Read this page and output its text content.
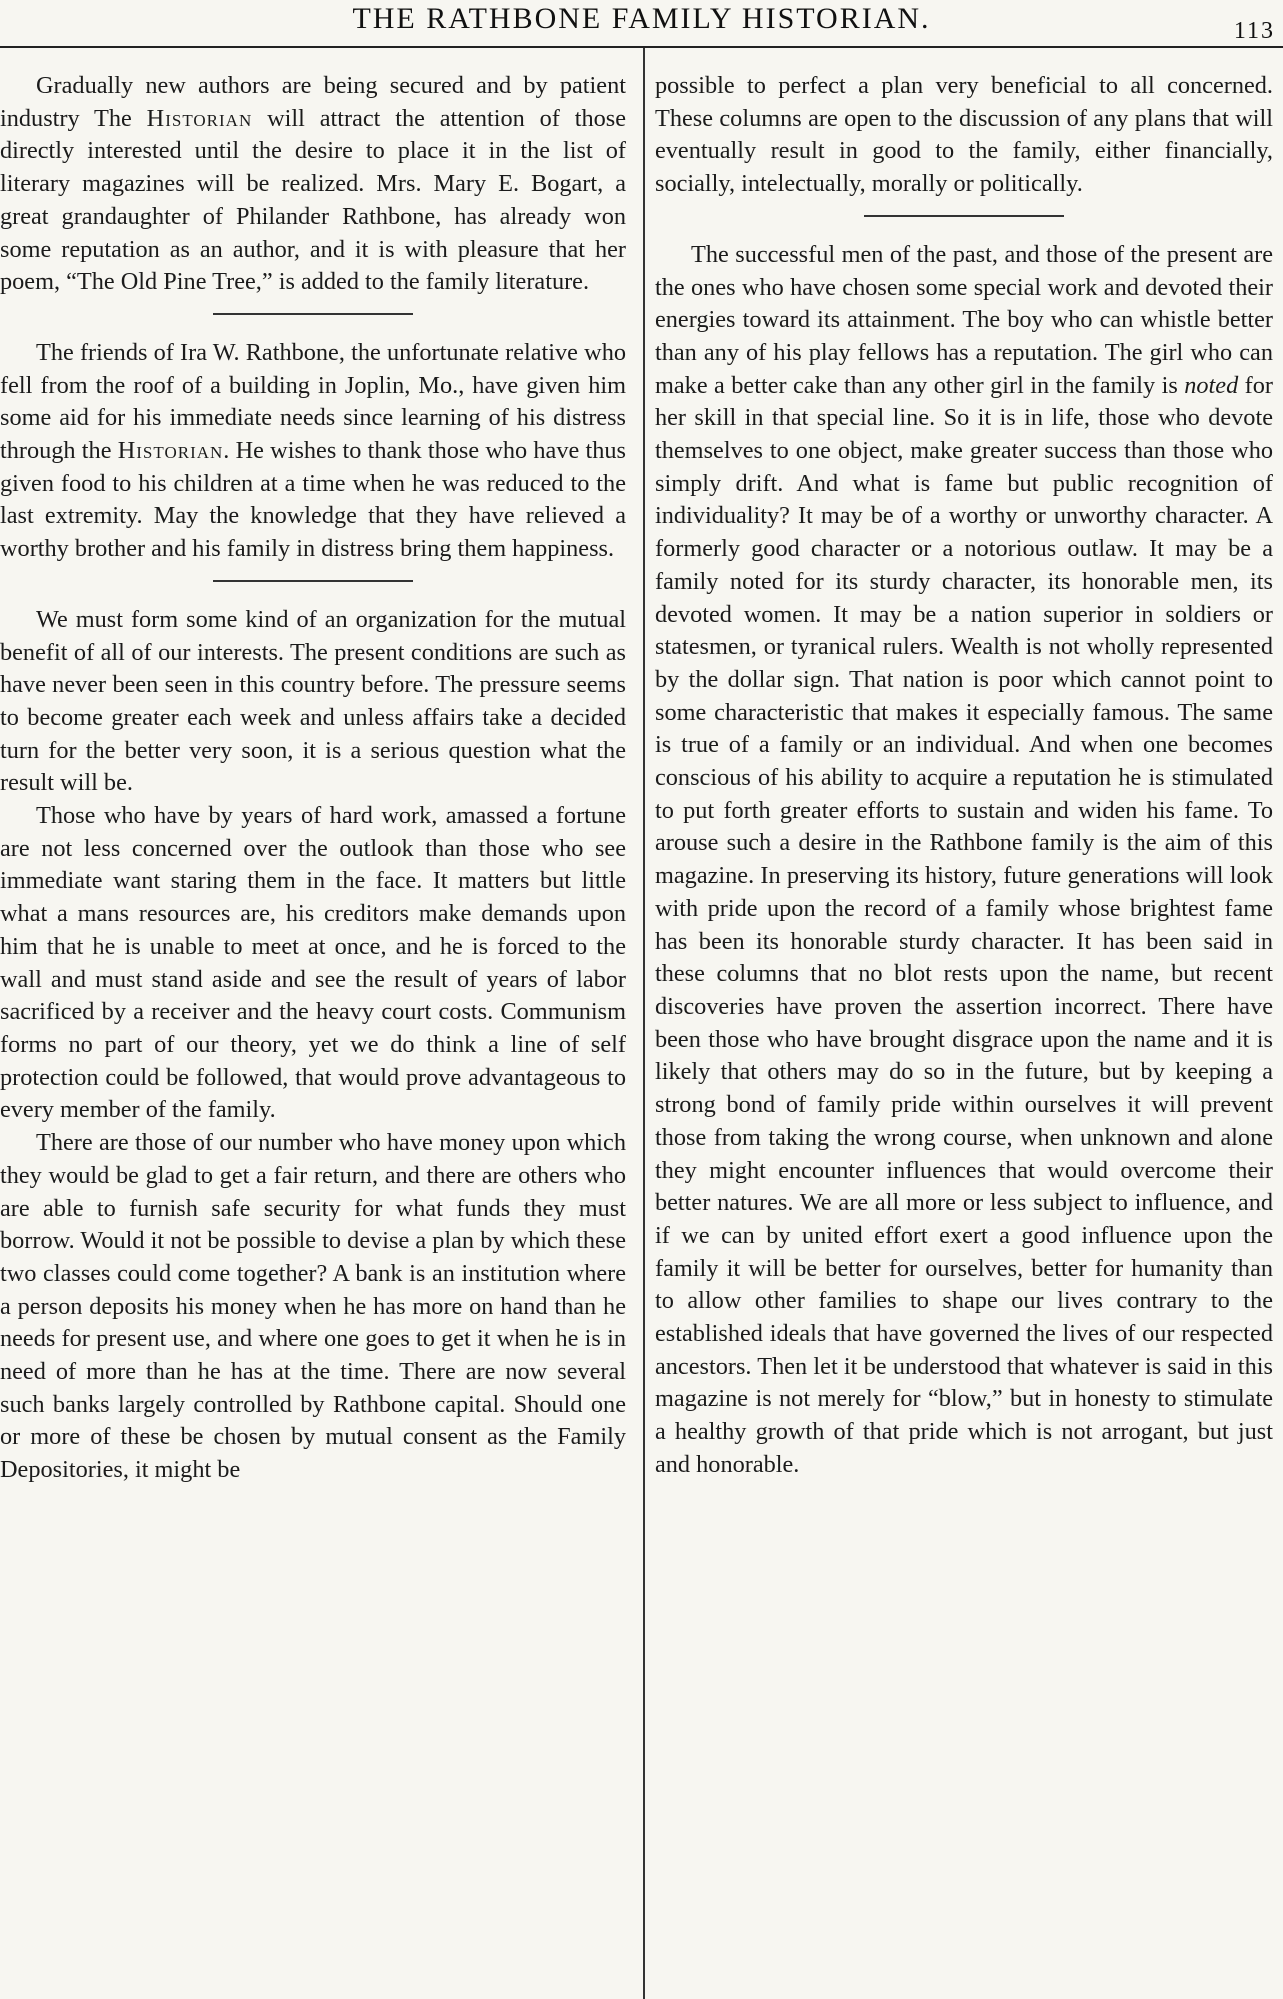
THE RATHBONE FAMILY HISTORIAN.	113

Gradually new authors are being secured and by patient industry The Historian will attract the attention of those directly interested until the desire to place it in the list of literary magazines will be realized. Mrs. Mary E. Bogart, a great grandaughter of Philander Rathbone, has already won some reputation as an author, and it is with pleasure that her poem, “The Old Pine Tree,” is added to the family literature.

The friends of Ira W. Rathbone, the unfortunate relative who fell from the roof of a building in Joplin, Mo., have given him some aid for his immediate needs since learning of his distress through the Historian. He wishes to thank those who have thus given food to his children at a time when he was reduced to the last extremity. May the knowledge that they have relieved a worthy brother and his family in distress bring them happiness.

We must form some kind of an organization for the mutual benefit of all of our interests. The present conditions are such as have never been seen in this country before. The pressure seems to become greater each week and unless affairs take a decided turn for the better very soon, it is a serious question what the result will be.

Those who have by years of hard work, amassed a fortune are not less concerned over the outlook than those who see immediate want staring them in the face. It matters but little what a mans resources are, his creditors make demands upon him that he is unable to meet at once, and he is forced to the wall and must stand aside and see the result of years of labor sacrificed by a receiver and the heavy court costs. Communism forms no part of our theory, yet we do think a line of self protection could be followed, that would prove advantageous to every member of the family.

There are those of our number who have money upon which they would be glad to get a fair return, and there are others who are able to furnish safe security for what funds they must borrow. Would it not be possible to devise a plan by which these two classes could come together? A bank is an institution where a person deposits his money when he has more on hand than he needs for present use, and where one goes to get it when he is in need of more than he has at the time. There are now several such banks largely controlled by Rathbone capital. Should one or more of these be chosen by mutual consent as the Family Depositories, it might be

possible to perfect a plan very beneficial to all concerned. These columns are open to the discussion of any plans that will eventually result in good to the family, either financially, socially, intelectually, morally or politically.

The successful men of the past, and those of the present are the ones who have chosen some special work and devoted their energies toward its attainment. The boy who can whistle better than any of his play fellows has a reputation. The girl who can make a better cake than any other girl in the family is noted for her skill in that special line. So it is in life, those who devote themselves to one object, make greater success than those who simply drift. And what is fame but public recognition of individuality? It may be of a worthy or unworthy character. A formerly good character or a notorious outlaw. It may be a family noted for its sturdy character, its honorable men, its devoted women. It may be a nation superior in soldiers or statesmen, or tyranical rulers. Wealth is not wholly represented by the dollar sign. That nation is poor which cannot point to some characteristic that makes it especially famous. The same is true of a family or an individual. And when one becomes conscious of his ability to acquire a reputation he is stimulated to put forth greater efforts to sustain and widen his fame. To arouse such a desire in the Rathbone family is the aim of this magazine. In preserving its history, future generations will look with pride upon the record of a family whose brightest fame has been its honorable sturdy character. It has been said in these columns that no blot rests upon the name, but recent discoveries have proven the assertion incorrect. There have been those who have brought disgrace upon the name and it is likely that others may do so in the future, but by keeping a strong bond of family pride within ourselves it will prevent those from taking the wrong course, when unknown and alone they might encounter influences that would overcome their better natures. We are all more or less subject to influence, and if we can by united effort exert a good influence upon the family it will be better for ourselves, better for humanity than to allow other families to shape our lives contrary to the established ideals that have governed the lives of our respected ancestors. Then let it be understood that whatever is said in this magazine is not merely for “blow,” but in honesty to stimulate a healthy growth of that pride which is not arrogant, but just and honorable.
